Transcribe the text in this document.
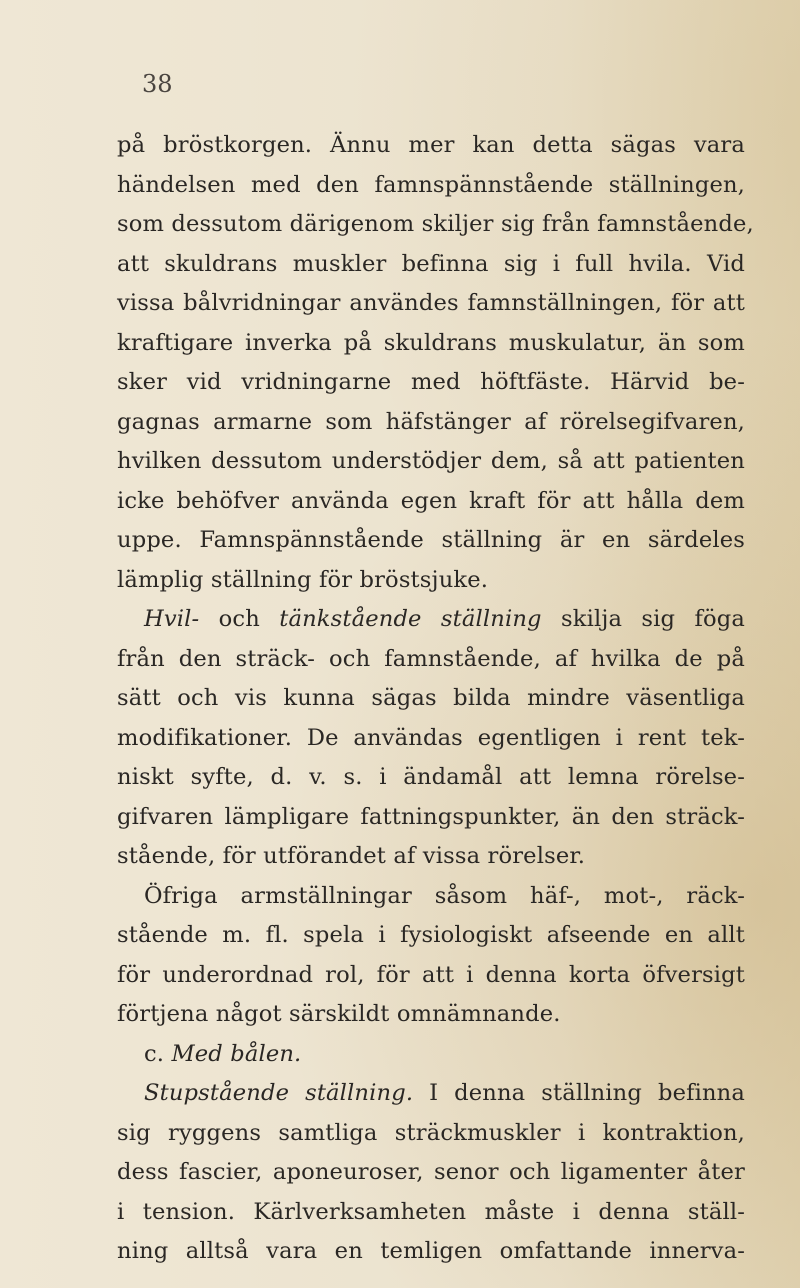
38
på bröstkorgen. Ännu mer kan detta sägas vara
händelsen med den famnspännstående ställningen,
som dessutom därigenom skiljer sig från famnstående,
att skuldrans muskler befinna sig i full hvila. Vid
vissa bålvridningar användes famnställningen, för att
kraftigare inverka på skuldrans muskulatur, än som
sker vid vridningarne med höftfäste. Härvid be-
gagnas armarne som häfstänger af rörelsegifvaren,
hvilken dessutom understödjer dem, så att patienten
icke behöfver använda egen kraft för att hålla dem
uppe. Famnspännstående ställning är en särdeles
lämplig ställning för bröstsjuke.
Hvil- och tänkstående ställning skilja sig föga
från den sträck- och famnstående, af hvilka de på
sätt och vis kunna sägas bilda mindre väsentliga
modifikationer. De användas egentligen i rent tek-
niskt syfte, d. v. s. i ändamål att lemna rörelse-
gifvaren lämpligare fattningspunkter, än den sträck-
stående, för utförandet af vissa rörelser.
Öfriga armställningar såsom häf-, mot-, räck-
stående m. fl. spela i fysiologiskt afseende en allt
för underordnad rol, för att i denna korta öfversigt
förtjena något särskildt omnämnande.
c. Med bålen.
Stupstående ställning. I denna ställning befinna
sig ryggens samtliga sträckmuskler i kontraktion,
dess fascier, aponeuroser, senor och ligamenter åter
i tension. Kärlverksamheten måste i denna ställ-
ning alltså vara en temligen omfattande innerva-
